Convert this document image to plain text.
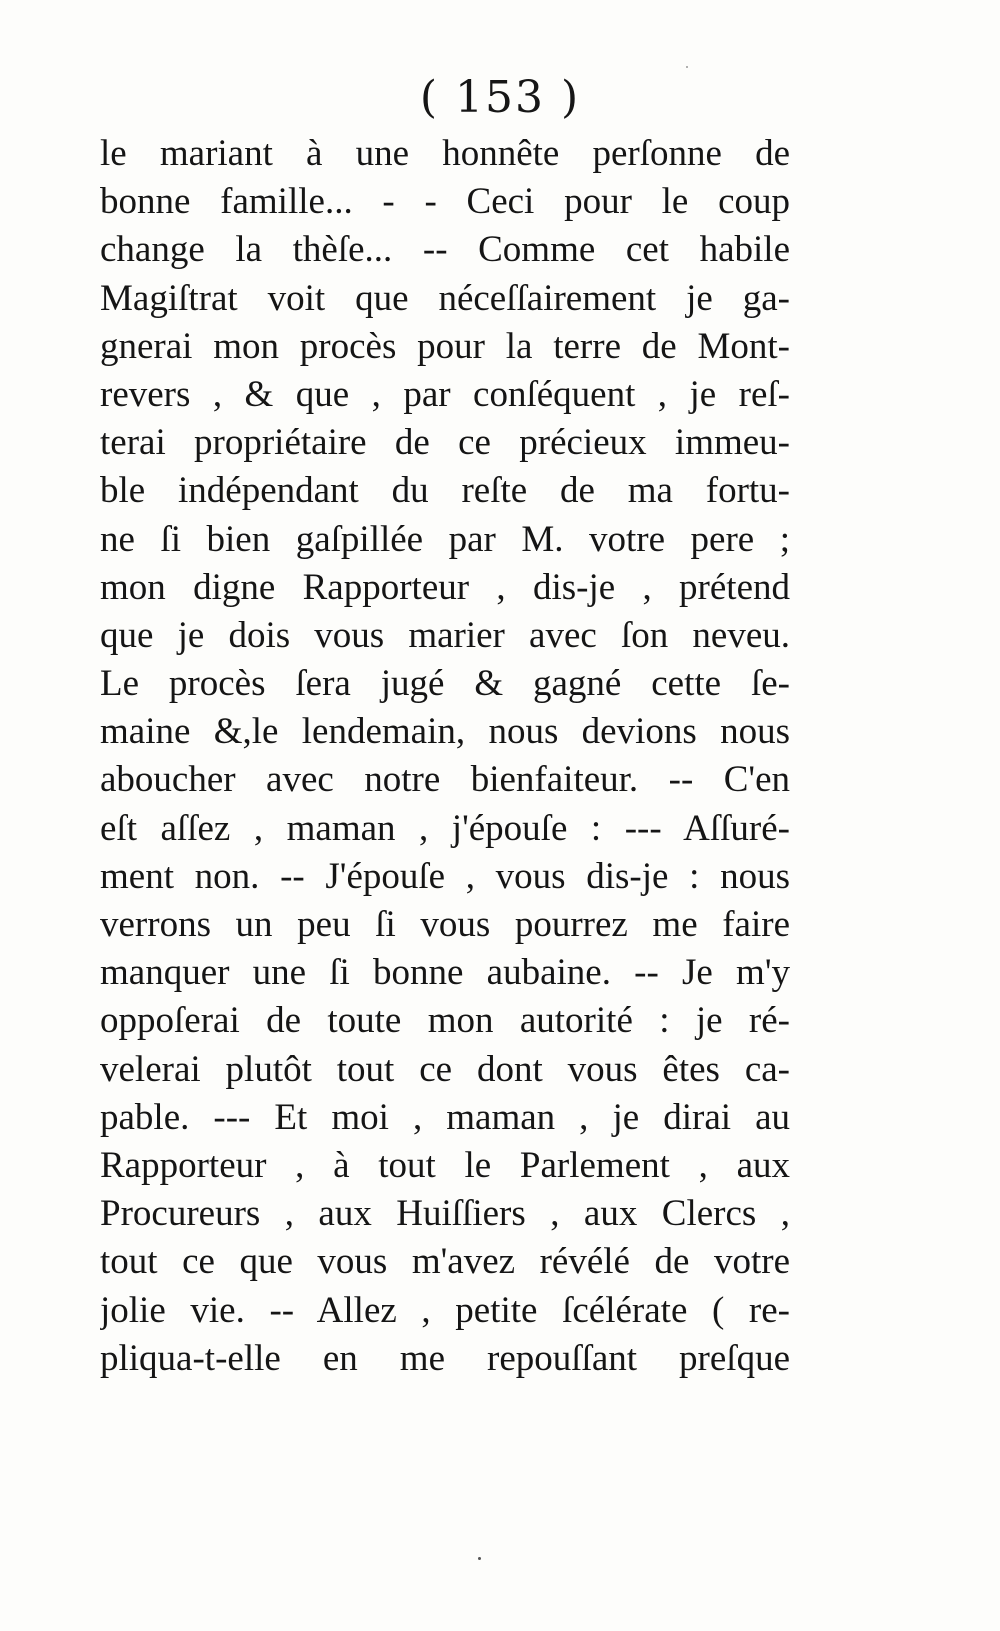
( 153 )
le mariant à une honnête perſonne de
bonne famille... - - Ceci pour le coup
change la thèſe... -- Comme cet habile
Magiſtrat voit que néceſſairement je ga-
gnerai mon procès pour la terre de Mont-
revers , & que , par conſéquent , je reſ-
terai propriétaire de ce précieux immeu-
ble indépendant du reſte de ma fortu-
ne ſi bien gaſpillée par M. votre pere ;
mon digne Rapporteur , dis-je , prétend
que je dois vous marier avec ſon neveu.
Le procès ſera jugé & gagné cette ſe-
maine &,le lendemain, nous devions nous
aboucher avec notre bienfaiteur. -- C'en
eſt aſſez , maman , j'épouſe : --- Aſſuré-
ment non. -- J'épouſe , vous dis-je : nous
verrons un peu ſi vous pourrez me faire
manquer une ſi bonne aubaine. -- Je m'y
oppoſerai de toute mon autorité : je ré-
velerai plutôt tout ce dont vous êtes ca-
pable. --- Et moi , maman , je dirai au
Rapporteur , à tout le Parlement , aux
Procureurs , aux Huiſſiers , aux Clercs ,
tout ce que vous m'avez révélé de votre
jolie vie. -- Allez , petite ſcélérate ( re-
pliqua-t-elle en me repouſſant preſque
